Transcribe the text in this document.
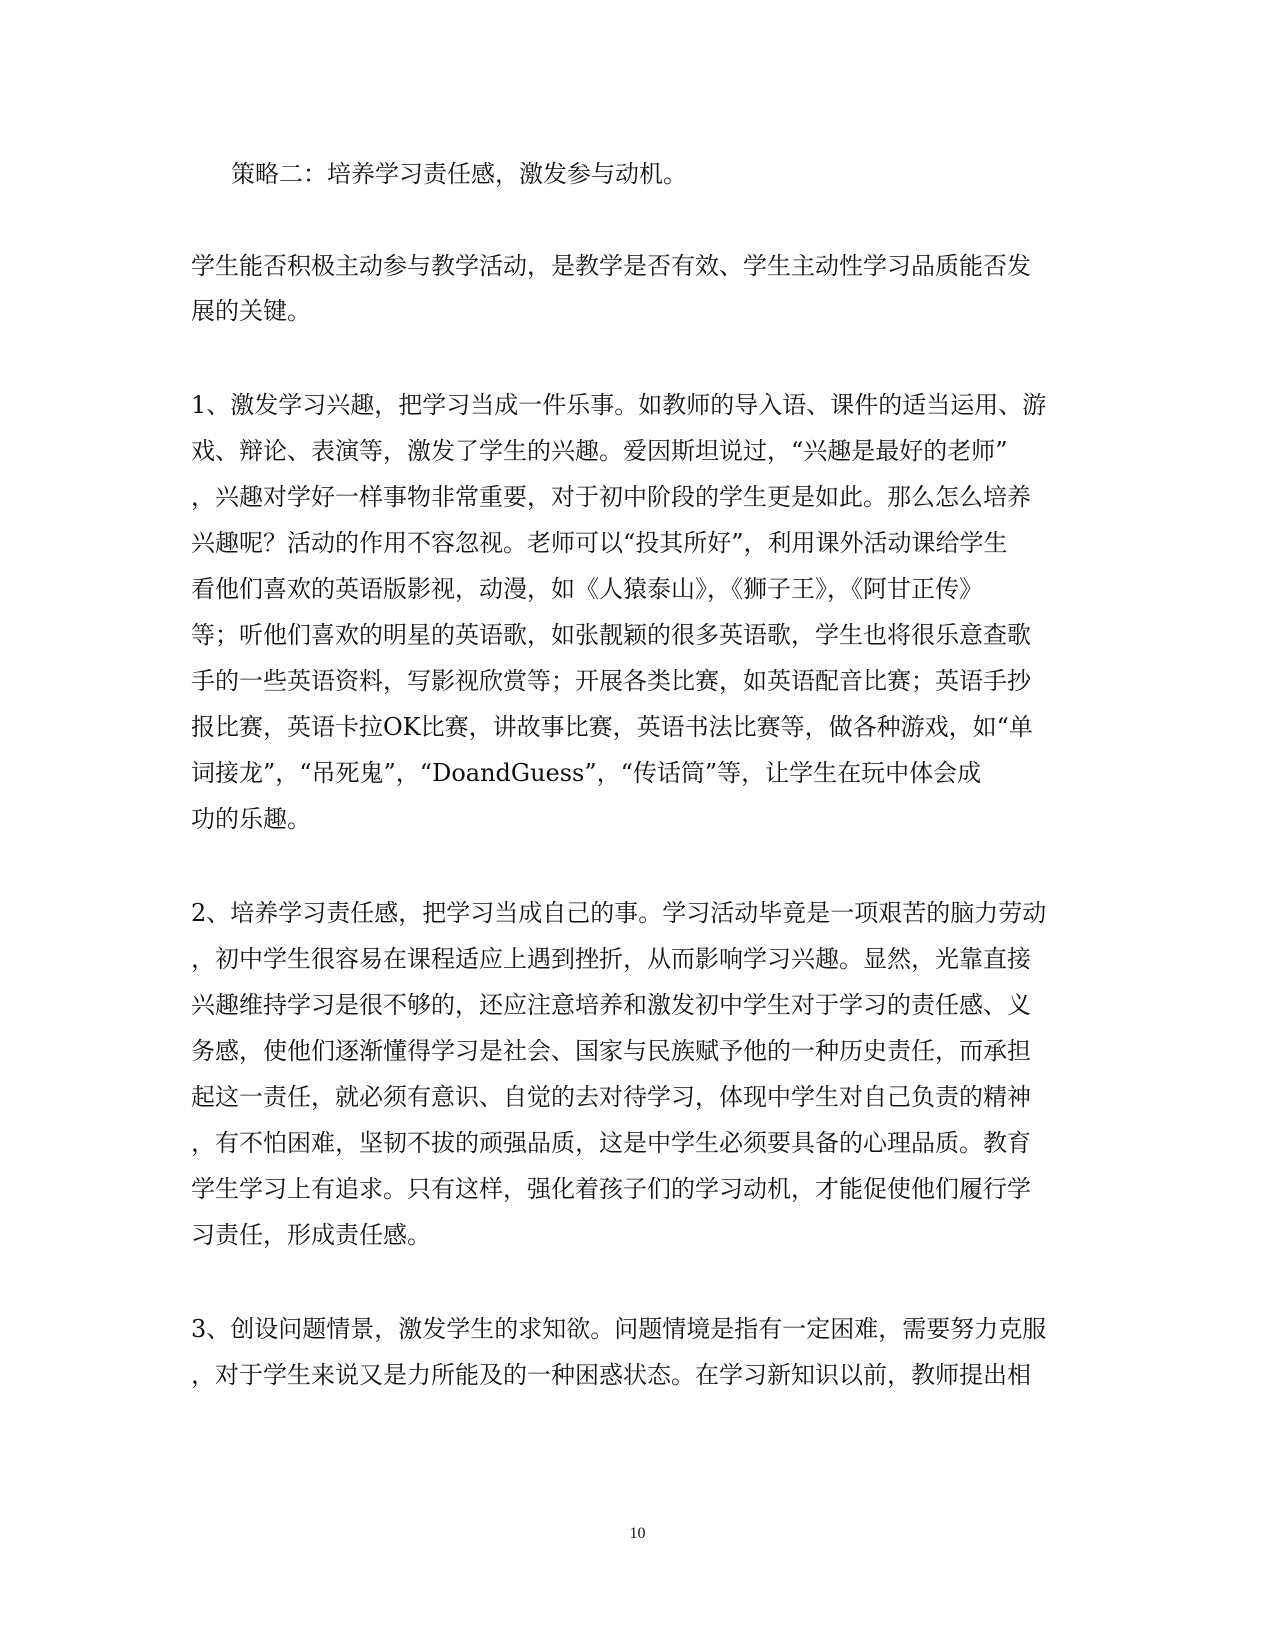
策略二：培养学习责任感，激发参与动机。
学生能否积极主动参与教学活动，是教学是否有效、学生主动性学习品质能否发
展的关键。
1、激发学习兴趣，把学习当成一件乐事。如教师的导入语、课件的适当运用、游
戏、辩论、表演等，激发了学生的兴趣。爱因斯坦说过，“兴趣是最好的老师”
，兴趣对学好一样事物非常重要，对于初中阶段的学生更是如此。那么怎么培养
兴趣呢？活动的作用不容忽视。老师可以“投其所好”，利用课外活动课给学生
看他们喜欢的英语版影视，动漫，如《人猿泰山》，《狮子王》，《阿甘正传》
等；听他们喜欢的明星的英语歌，如张靓颖的很多英语歌，学生也将很乐意查歌
手的一些英语资料，写影视欣赏等；开展各类比赛，如英语配音比赛；英语手抄
报比赛，英语卡拉OK比赛，讲故事比赛，英语书法比赛等，做各种游戏，如“单
词接龙”，“吊死鬼”，“DoandGuess”，“传话筒”等，让学生在玩中体会成
功的乐趣。
2、培养学习责任感，把学习当成自己的事。学习活动毕竟是一项艰苦的脑力劳动
，初中学生很容易在课程适应上遇到挫折，从而影响学习兴趣。显然，光靠直接
兴趣维持学习是很不够的，还应注意培养和激发初中学生对于学习的责任感、义
务感，使他们逐渐懂得学习是社会、国家与民族赋予他的一种历史责任，而承担
起这一责任，就必须有意识、自觉的去对待学习，体现中学生对自己负责的精神
，有不怕困难，坚韧不拔的顽强品质，这是中学生必须要具备的心理品质。教育
学生学习上有追求。只有这样，强化着孩子们的学习动机，才能促使他们履行学
习责任，形成责任感。
3、创设问题情景，激发学生的求知欲。问题情境是指有一定困难，需要努力克服
，对于学生来说又是力所能及的一种困惑状态。在学习新知识以前，教师提出相
10
